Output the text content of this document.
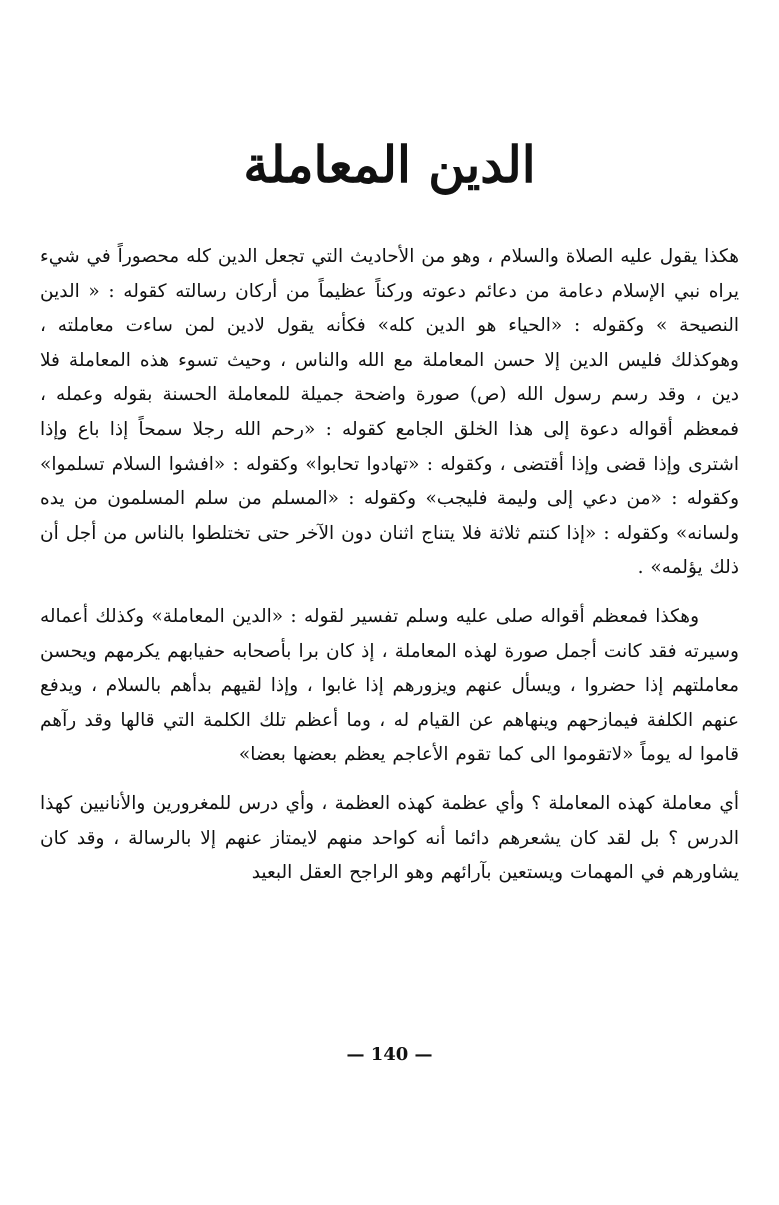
الدين المعاملة

هكذا يقول عليه الصلاة والسلام ، وهو من الأحاديث التي تجعل الدين كله محصوراً في شيء يراه نبي الإسلام دعامة من دعائم دعوته وركناً عظيماً من أركان رسالته كقوله : « الدين النصيحة » وكقوله : «الحياء هو الدين كله» فكأنه يقول لادين لمن ساءت معاملته ، وهوكذلك فليس الدين إلا حسن المعاملة مع الله والناس ، وحيث تسوء هذه المعاملة فلا دين ، وقد رسم رسول الله (ص) صورة واضحة جميلة للمعاملة الحسنة بقوله وعمله ، فمعظم أقواله دعوة إلى هذا الخلق الجامع كقوله : «رحم الله رجلا سمحاً إذا باع وإذا اشترى وإذا قضى وإذا أقتضى ، وكقوله : «تهادوا تحابوا» وكقوله : «افشوا السلام تسلموا» وكقوله : «من دعي إلى وليمة فليجب» وكقوله : «المسلم من سلم المسلمون من يده ولسانه» وكقوله : «إذا كنتم ثلاثة فلا يتناج اثنان دون الآخر حتى تختلطوا بالناس من أجل أن ذلك يؤلمه» .

وهكذا فمعظم أقواله صلى عليه وسلم تفسير لقوله : «الدين المعاملة» وكذلك أعماله وسيرته فقد كانت أجمل صورة لهذه المعاملة ، إذ كان برا بأصحابه حفيابهم يكرمهم ويحسن معاملتهم إذا حضروا ، ويسأل عنهم ويزورهم إذا غابوا ، وإذا لقيهم بدأهم بالسلام ، ويدفع عنهم الكلفة فيمازحهم وينهاهم عن القيام له ، وما أعظم تلك الكلمة التي قالها وقد رآهم قاموا له يوماً «لاتقوموا الى كما تقوم الأعاجم يعظم بعضها بعضا»

أي معاملة كهذه المعاملة ؟ وأي عظمة كهذه العظمة ، وأي درس للمغرورين والأنانيين كهذا الدرس ؟ بل لقد كان يشعرهم دائما أنه كواحد منهم لايمتاز عنهم إلا بالرسالة ، وقد كان يشاورهم في المهمات ويستعين بآرائهم وهو الراجح العقل البعيد

— 140 —
